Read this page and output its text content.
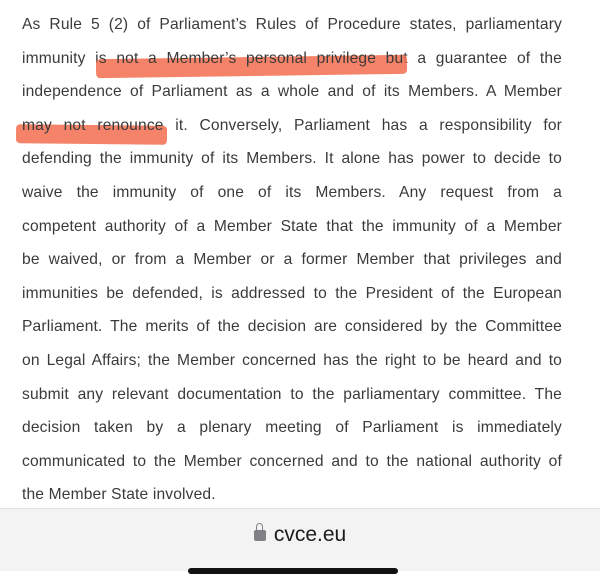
As Rule 5 (2) of Parliament’s Rules of Procedure states, parliamentary
immunity is not a Member’s personal privilege but a guarantee of the
independence of Parliament as a whole and of its Members. A Member
may not renounce it. Conversely, Parliament has a responsibility for
defending the immunity of its Members. It alone has power to decide to
waive the immunity of one of its Members. Any request from a
competent authority of a Member State that the immunity of a Member
be waived, or from a Member or a former Member that privileges and
immunities be defended, is addressed to the President of the European
Parliament. The merits of the decision are considered by the Committee
on Legal Affairs; the Member concerned has the right to be heard and to
submit any relevant documentation to the parliamentary committee. The
decision taken by a plenary meeting of Parliament is immediately
communicated to the Member concerned and to the national authority of
the Member State involved.
cvce.eu
